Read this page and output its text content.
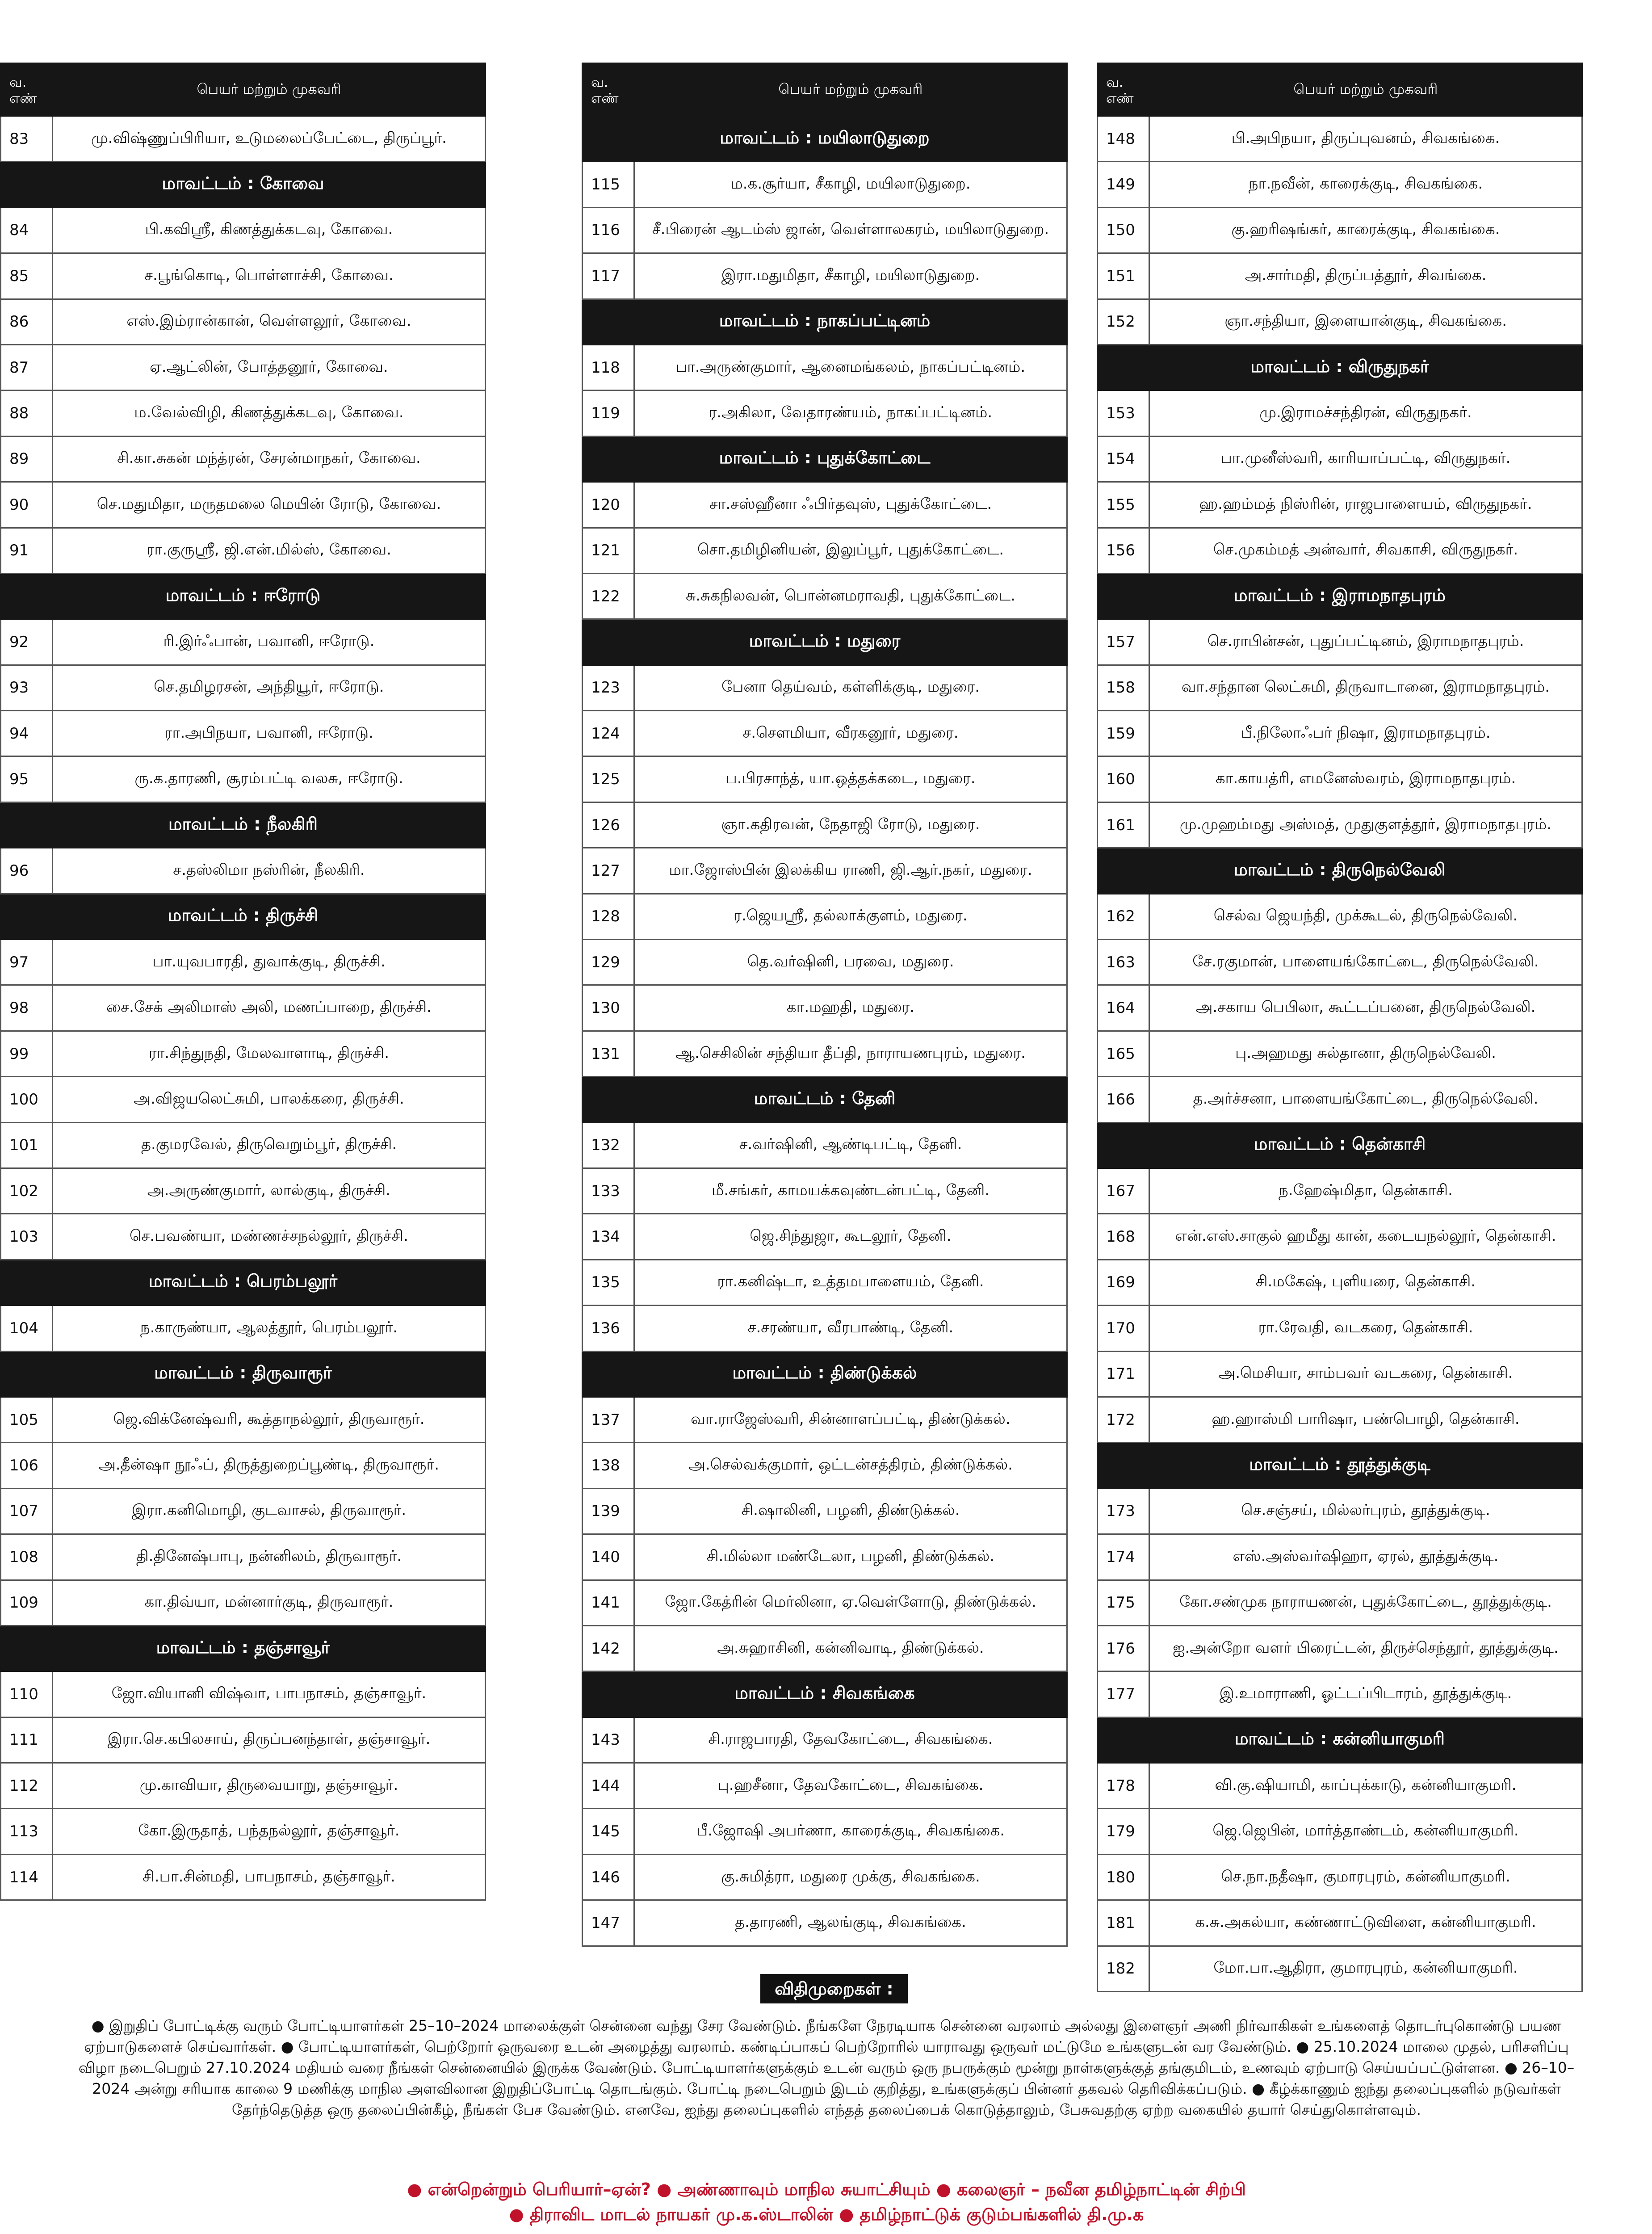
வ.
எண்	பெயர் மற்றும் முகவரி
83	மு.விஷ்ணுப்பிரியா, உடுமலைப்பேட்டை, திருப்பூர்.
மாவட்டம் : கோவை	
84	பி.கவிஸ்ரீ, கிணத்துக்கடவு, கோவை.
85	ச.பூங்கொடி, பொள்ளாச்சி, கோவை.
86	எஸ்.இம்ரான்கான், வெள்ளலூர், கோவை.
87	ஏ.ஆட்லின், போத்தனூர், கோவை.
88	ம.வேல்விழி, கிணத்துக்கடவு, கோவை.
89	சி.கா.சுகன் மந்த்ரன், சேரன்மாநகர், கோவை.
90	செ.மதுமிதா, மருதமலை மெயின் ரோடு, கோவை.
91	ரா.குருஸ்ரீ, ஜி.என்.மில்ஸ், கோவை.
மாவட்டம் : ஈரோடு	
92	ரி.இர்ஃபான், பவானி, ஈரோடு.
93	செ.தமிழரசன், அந்தியூர், ஈரோடு.
94	ரா.அபிநயா, பவானி, ஈரோடு.
95	ரு.க.தாரணி, சூரம்பட்டி வலசு, ஈரோடு.
மாவட்டம் : நீலகிரி	
96	ச.தஸ்லிமா நஸ்ரின், நீலகிரி.
மாவட்டம் : திருச்சி	
97	பா.யுவபாரதி, துவாக்குடி, திருச்சி.
98	சை.சேக் அலிமாஸ் அலி, மணப்பாறை, திருச்சி.
99	ரா.சிந்துநதி, மேலவாளாடி, திருச்சி.
100	அ.விஜயலெட்சுமி, பாலக்கரை, திருச்சி.
101	த.குமரவேல், திருவெறும்பூர், திருச்சி.
102	அ.அருண்குமார், லால்குடி, திருச்சி.
103	செ.பவண்யா, மண்ணச்சநல்லூர், திருச்சி.
மாவட்டம் : பெரம்பலூர்	
104	ந.காருண்யா, ஆலத்தூர், பெரம்பலூர்.
மாவட்டம் : திருவாரூர்	
105	ஜெ.விக்னேஷ்வரி, கூத்தாநல்லூர், திருவாரூர்.
106	அ.தீன்ஷா நூஃப், திருத்துறைப்பூண்டி, திருவாரூர்.
107	இரா.கனிமொழி, குடவாசல், திருவாரூர்.
108	தி.தினேஷ்பாபு, நன்னிலம், திருவாரூர்.
109	கா.திவ்யா, மன்னார்குடி, திருவாரூர்.
மாவட்டம் : தஞ்சாவூர்	
110	ஜோ.வியானி விஷ்வா, பாபநாசம், தஞ்சாவூர்.
111	இரா.செ.கபிலசாய், திருப்பனந்தாள், தஞ்சாவூர்.
112	மு.காவியா, திருவையாறு, தஞ்சாவூர்.
113	கோ.இருதாத், பந்தநல்லூர், தஞ்சாவூர்.
114	சி.பா.சின்மதி, பாபநாசம், தஞ்சாவூர்.
வ.
எண்	பெயர் மற்றும் முகவரி
மாவட்டம் : மயிலாடுதுறை	
115	ம.க.சூர்யா, சீகாழி, மயிலாடுதுறை.
116	சீ.பிரைன் ஆடம்ஸ் ஜான், வெள்ளாலகரம், மயிலாடுதுறை.
117	இரா.மதுமிதா, சீகாழி, மயிலாடுதுறை.
மாவட்டம் : நாகப்பட்டினம்	
118	பா.அருண்குமார், ஆனைமங்கலம், நாகப்பட்டினம்.
119	ர.அகிலா, வேதாரண்யம், நாகப்பட்டினம்.
மாவட்டம் : புதுக்கோட்டை	
120	சா.சஸ்ஹீனா ஃபிர்தவுஸ், புதுக்கோட்டை.
121	சொ.தமிழினியன், இலுப்பூர், புதுக்கோட்டை.
122	சு.சுகநிலவன், பொன்னமராவதி, புதுக்கோட்டை.
மாவட்டம் : மதுரை	
123	பேனா தெய்வம், கள்ளிக்குடி, மதுரை.
124	ச.சௌமியா, வீரகனூர், மதுரை.
125	ப.பிரசாந்த், யா.ஒத்தக்கடை, மதுரை.
126	ஞா.கதிரவன், நேதாஜி ரோடு, மதுரை.
127	மா.ஜோஸ்பின் இலக்கிய ராணி, ஜி.ஆர்.நகர், மதுரை.
128	ர.ஜெயஸ்ரீ, தல்லாக்குளம், மதுரை.
129	தெ.வர்ஷினி, பரவை, மதுரை.
130	கா.மஹதி, மதுரை.
131	ஆ.செசிலின் சந்தியா தீப்தி, நாராயணபுரம், மதுரை.
மாவட்டம் : தேனி	
132	ச.வர்ஷினி, ஆண்டிபட்டி, தேனி.
133	மீ.சங்கர், காமயக்கவுண்டன்பட்டி, தேனி.
134	ஜெ.சிந்துஜா, கூடலூர், தேனி.
135	ரா.கனிஷ்டா, உத்தமபாளையம், தேனி.
136	ச.சரண்யா, வீரபாண்டி, தேனி.
மாவட்டம் : திண்டுக்கல்	
137	வா.ராஜேஸ்வரி, சின்னாளப்பட்டி, திண்டுக்கல்.
138	அ.செல்வக்குமார், ஒட்டன்சத்திரம், திண்டுக்கல்.
139	சி.ஷாலினி, பழனி, திண்டுக்கல்.
140	சி.மில்லா மண்டேலா, பழனி, திண்டுக்கல்.
141	ஜோ.கேத்ரின் மெர்லினா, ஏ.வெள்ளோடு, திண்டுக்கல்.
142	அ.சுஹாசினி, கன்னிவாடி, திண்டுக்கல்.
மாவட்டம் : சிவகங்கை	
143	சி.ராஜபாரதி, தேவகோட்டை, சிவகங்கை.
144	பு.ஹசீனா, தேவகோட்டை, சிவகங்கை.
145	பீ.ஜோஷி அபர்ணா, காரைக்குடி, சிவகங்கை.
146	கு.சுமித்ரா, மதுரை முக்கு, சிவகங்கை.
147	த.தாரணி, ஆலங்குடி, சிவகங்கை.
வ.
எண்	பெயர் மற்றும் முகவரி
148	பி.அபிநயா, திருப்புவனம், சிவகங்கை.
149	நா.நவீன், காரைக்குடி, சிவகங்கை.
150	கு.ஹரிஷங்கர், காரைக்குடி, சிவகங்கை.
151	அ.சார்மதி, திருப்பத்தூர், சிவங்கை.
152	ஞா.சந்தியா, இளையான்குடி, சிவகங்கை.
மாவட்டம் : விருதுநகர்	
153	மு.இராமச்சந்திரன், விருதுநகர்.
154	பா.முனீஸ்வரி, காரியாப்பட்டி, விருதுநகர்.
155	ஹ.ஹம்மத் நிஸ்ரின், ராஜபாளையம், விருதுநகர்.
156	செ.முகம்மத் அன்வார், சிவகாசி, விருதுநகர்.
மாவட்டம் : இராமநாதபுரம்	
157	செ.ராபின்சன், புதுப்பட்டினம், இராமநாதபுரம்.
158	வா.சந்தான லெட்சுமி, திருவாடானை, இராமநாதபுரம்.
159	பீ.நிலோஃபர் நிஷா, இராமநாதபுரம்.
160	கா.காயத்ரி, எமனேஸ்வரம், இராமநாதபுரம்.
161	மு.முஹம்மது அஸ்மத், முதுகுளத்தூர், இராமநாதபுரம்.
மாவட்டம் : திருநெல்வேலி	
162	செல்வ ஜெயந்தி, முக்கூடல், திருநெல்வேலி.
163	சே.ரகுமான், பாளையங்கோட்டை, திருநெல்வேலி.
164	அ.சகாய பெபிலா, கூட்டப்பனை, திருநெல்வேலி.
165	பு.அஹமது சுல்தானா, திருநெல்வேலி.
166	த.அர்ச்சனா, பாளையங்கோட்டை, திருநெல்வேலி.
மாவட்டம் : தென்காசி	
167	ந.ஹேஷ்மிதா, தென்காசி.
168	என்.எஸ்.சாகுல் ஹமீது கான், கடையநல்லூர், தென்காசி.
169	சி.மகேஷ், புளியரை, தென்காசி.
170	ரா.ரேவதி, வடகரை, தென்காசி.
171	அ.மெசியா, சாம்பவர் வடகரை, தென்காசி.
172	ஹ.ஹாஸ்மி பாரிஷா, பண்பொழி, தென்காசி.
மாவட்டம் : தூத்துக்குடி	
173	செ.சஞ்சய், மில்லர்புரம், தூத்துக்குடி.
174	எஸ்.அஸ்வர்ஷிஹா, ஏரல், தூத்துக்குடி.
175	கோ.சண்முக நாராயணன், புதுக்கோட்டை, தூத்துக்குடி.
176	ஐ.அன்றோ வளர் பிரைட்டன், திருச்செந்தூர், தூத்துக்குடி.
177	இ.உமாராணி, ஓட்டப்பிடாரம், தூத்துக்குடி.
மாவட்டம் : கன்னியாகுமரி	
178	வி.கு.ஷியாமி, காப்புக்காடு, கன்னியாகுமரி.
179	ஜெ.ஜெபின், மார்த்தாண்டம், கன்னியாகுமரி.
180	செ.நா.நதீஷா, குமாரபுரம், கன்னியாகுமரி.
181	க.சு.அகல்யா, கண்ணாட்டுவிளை, கன்னியாகுமரி.
182	மோ.பா.ஆதிரா, குமாரபுரம், கன்னியாகுமரி.
விதிமுறைகள் :
● இறுதிப் போட்டிக்கு வரும் போட்டியாளர்கள் 25–10–2024 மாலைக்குள் சென்னை வந்து சேர வேண்டும். நீங்களே நேரடியாக சென்னை வரலாம் அல்லது இளைஞர் அணி நிர்வாகிகள் உங்களைத் தொடர்புகொண்டு பயண ஏற்பாடுகளைச் செய்வார்கள். ● போட்டியாளர்கள், பெற்றோர் ஒருவரை உடன் அழைத்து வரலாம். கண்டிப்பாகப் பெற்றோரில் யாராவது ஒருவர் மட்டுமே உங்களுடன் வர வேண்டும். ● 25.10.2024 மாலை முதல், பரிசளிப்பு விழா நடைபெறும் 27.10.2024 மதியம் வரை நீங்கள் சென்னையில் இருக்க வேண்டும். போட்டியாளர்களுக்கும் உடன் வரும் ஒரு நபருக்கும் மூன்று நாள்களுக்குத் தங்குமிடம், உணவும் ஏற்பாடு செய்யப்பட்டுள்ளன. ● 26–10–2024 அன்று சரியாக காலை 9 மணிக்கு மாநில அளவிலான இறுதிப்போட்டி தொடங்கும். போட்டி நடைபெறும் இடம் குறித்து, உங்களுக்குப் பின்னர் தகவல் தெரிவிக்கப்படும். ● கீழ்க்காணும் ஐந்து தலைப்புகளில் நடுவர்கள் தேர்ந்தெடுத்த ஒரு தலைப்பின்கீழ், நீங்கள் பேச வேண்டும். எனவே, ஐந்து தலைப்புகளில் எந்தத் தலைப்பைக் கொடுத்தாலும், பேசுவதற்கு ஏற்ற வகையில் தயார் செய்துகொள்ளவும்.
● என்றென்றும் பெரியார்–ஏன்? ● அண்ணாவும் மாநில சுயாட்சியும் ● கலைஞர் – நவீன தமிழ்நாட்டின் சிற்பி
● திராவிட மாடல் நாயகர் மு.க.ஸ்டாலின் ● தமிழ்நாட்டுக் குடும்பங்களில் தி.மு.க
